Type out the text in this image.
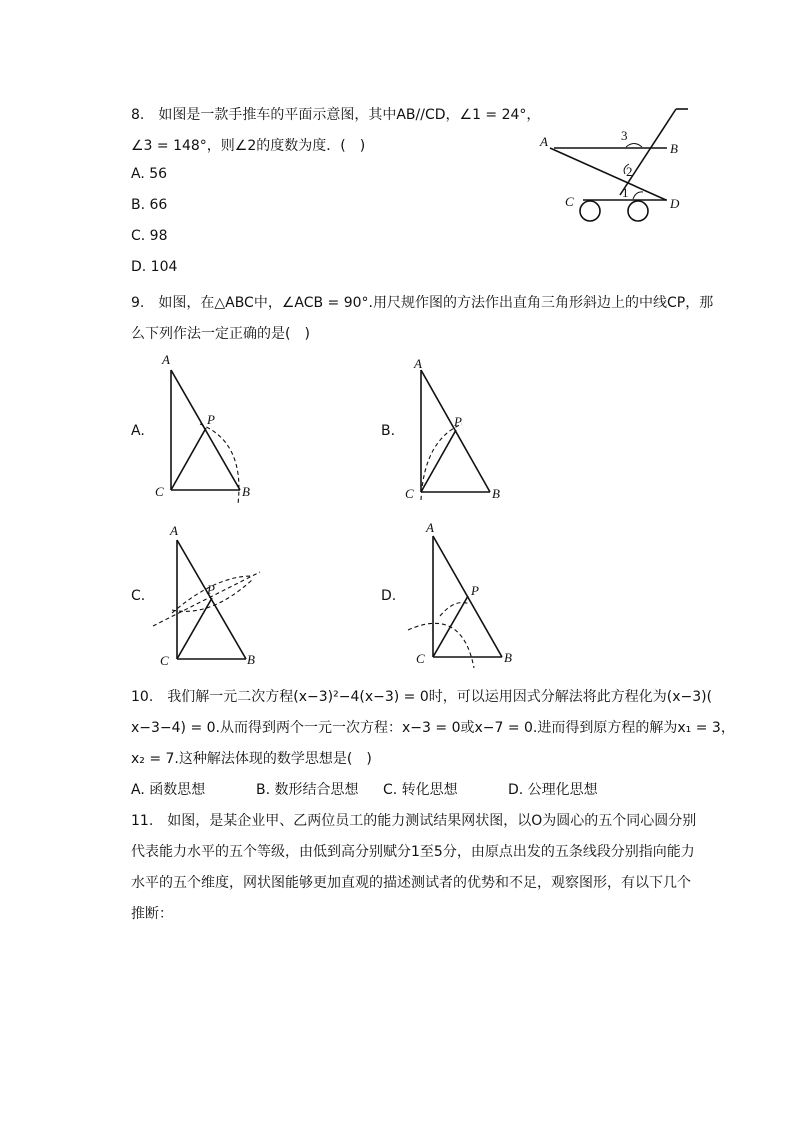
8.　如图是一款手推车的平面示意图，其中AB//CD，∠1 = 24°，
∠3 = 148°，则∠2的度数为度．(　)
A. 56
B. 66
C. 98
D. 104
A	B
C	D
3
2
1
9.　如图，在△ABC中，∠ACB = 90°.用尺规作图的方法作出直角三角形斜边上的中线CP，那
么下列作法一定正确的是(　)
A.
A
C	B
P
B.
A
C	B
P
C.
A
C	B
P	D.
A
C	B
P
10.　我们解一元二次方程(x−3)²−4(x−3) = 0时，可以运用因式分解法将此方程化为(x−3)(
x−3−4) = 0.从而得到两个一元一次方程：x−3 = 0或x−7 = 0.进而得到原方程的解为x₁ = 3，
x₂ = 7.这种解法体现的数学思想是(　)
A. 函数思想	B. 数形结合思想 C. 转化思想	D. 公理化思想
11.　如图，是某企业甲、乙两位员工的能力测试结果网状图，以O为圆心的五个同心圆分别
代表能力水平的五个等级，由低到高分别赋分1至5分，由原点出发的五条线段分别指向能力
水平的五个维度，网状图能够更加直观的描述测试者的优势和不足，观察图形，有以下几个
推断：
